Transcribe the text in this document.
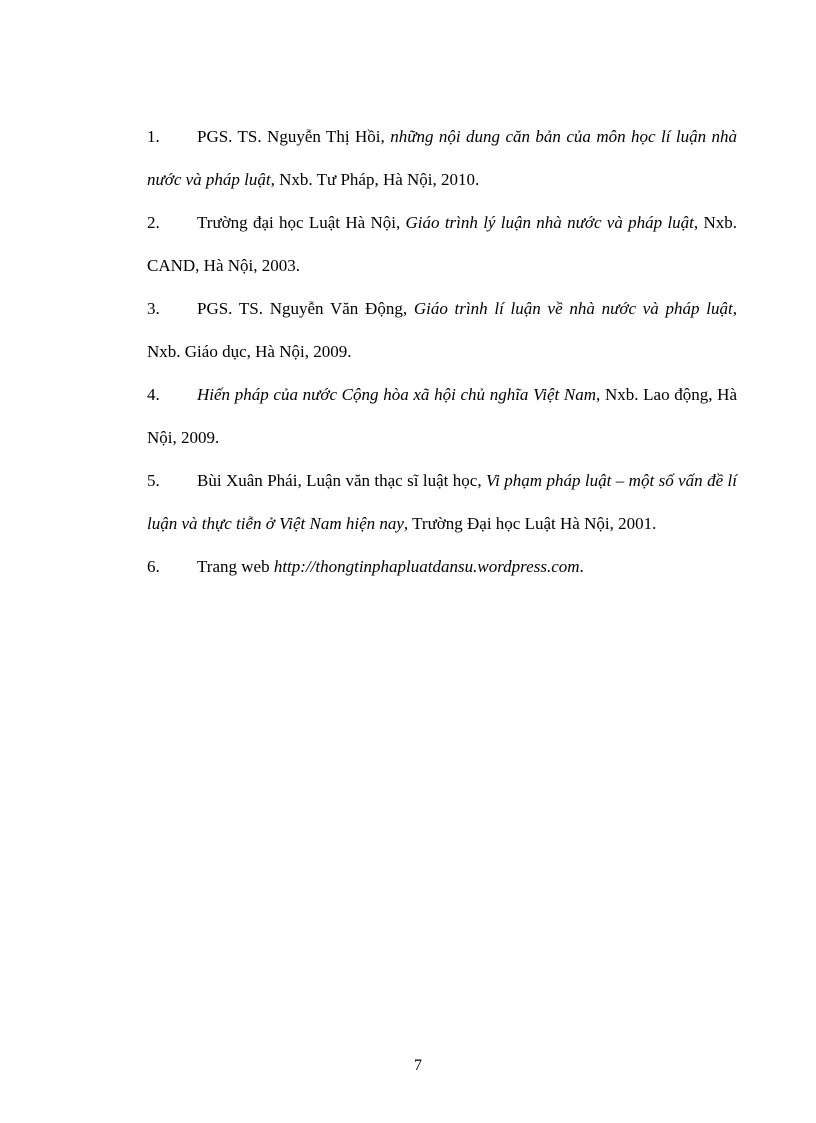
1. PGS. TS. Nguyễn Thị Hồi, những nội dung căn bản của môn học lí luận nhà nước và pháp luật, Nxb. Tư Pháp, Hà Nội, 2010.
2. Trường đại học Luật Hà Nội, Giáo trình lý luận nhà nước và pháp luật, Nxb. CAND, Hà Nội, 2003.
3. PGS. TS. Nguyễn Văn Động, Giáo trình lí luận về nhà nước và pháp luật, Nxb. Giáo dục, Hà Nội, 2009.
4. Hiến pháp của nước Cộng hòa xã hội chủ nghĩa Việt Nam, Nxb. Lao động, Hà Nội, 2009.
5. Bùi Xuân Phái, Luận văn thạc sĩ luật học, Vi phạm pháp luật – một số vấn đề lí luận và thực tiễn ở Việt Nam hiện nay, Trường Đại học Luật Hà Nội, 2001.
6. Trang web http://thongtinphapluatdansu.wordpress.com.
7
